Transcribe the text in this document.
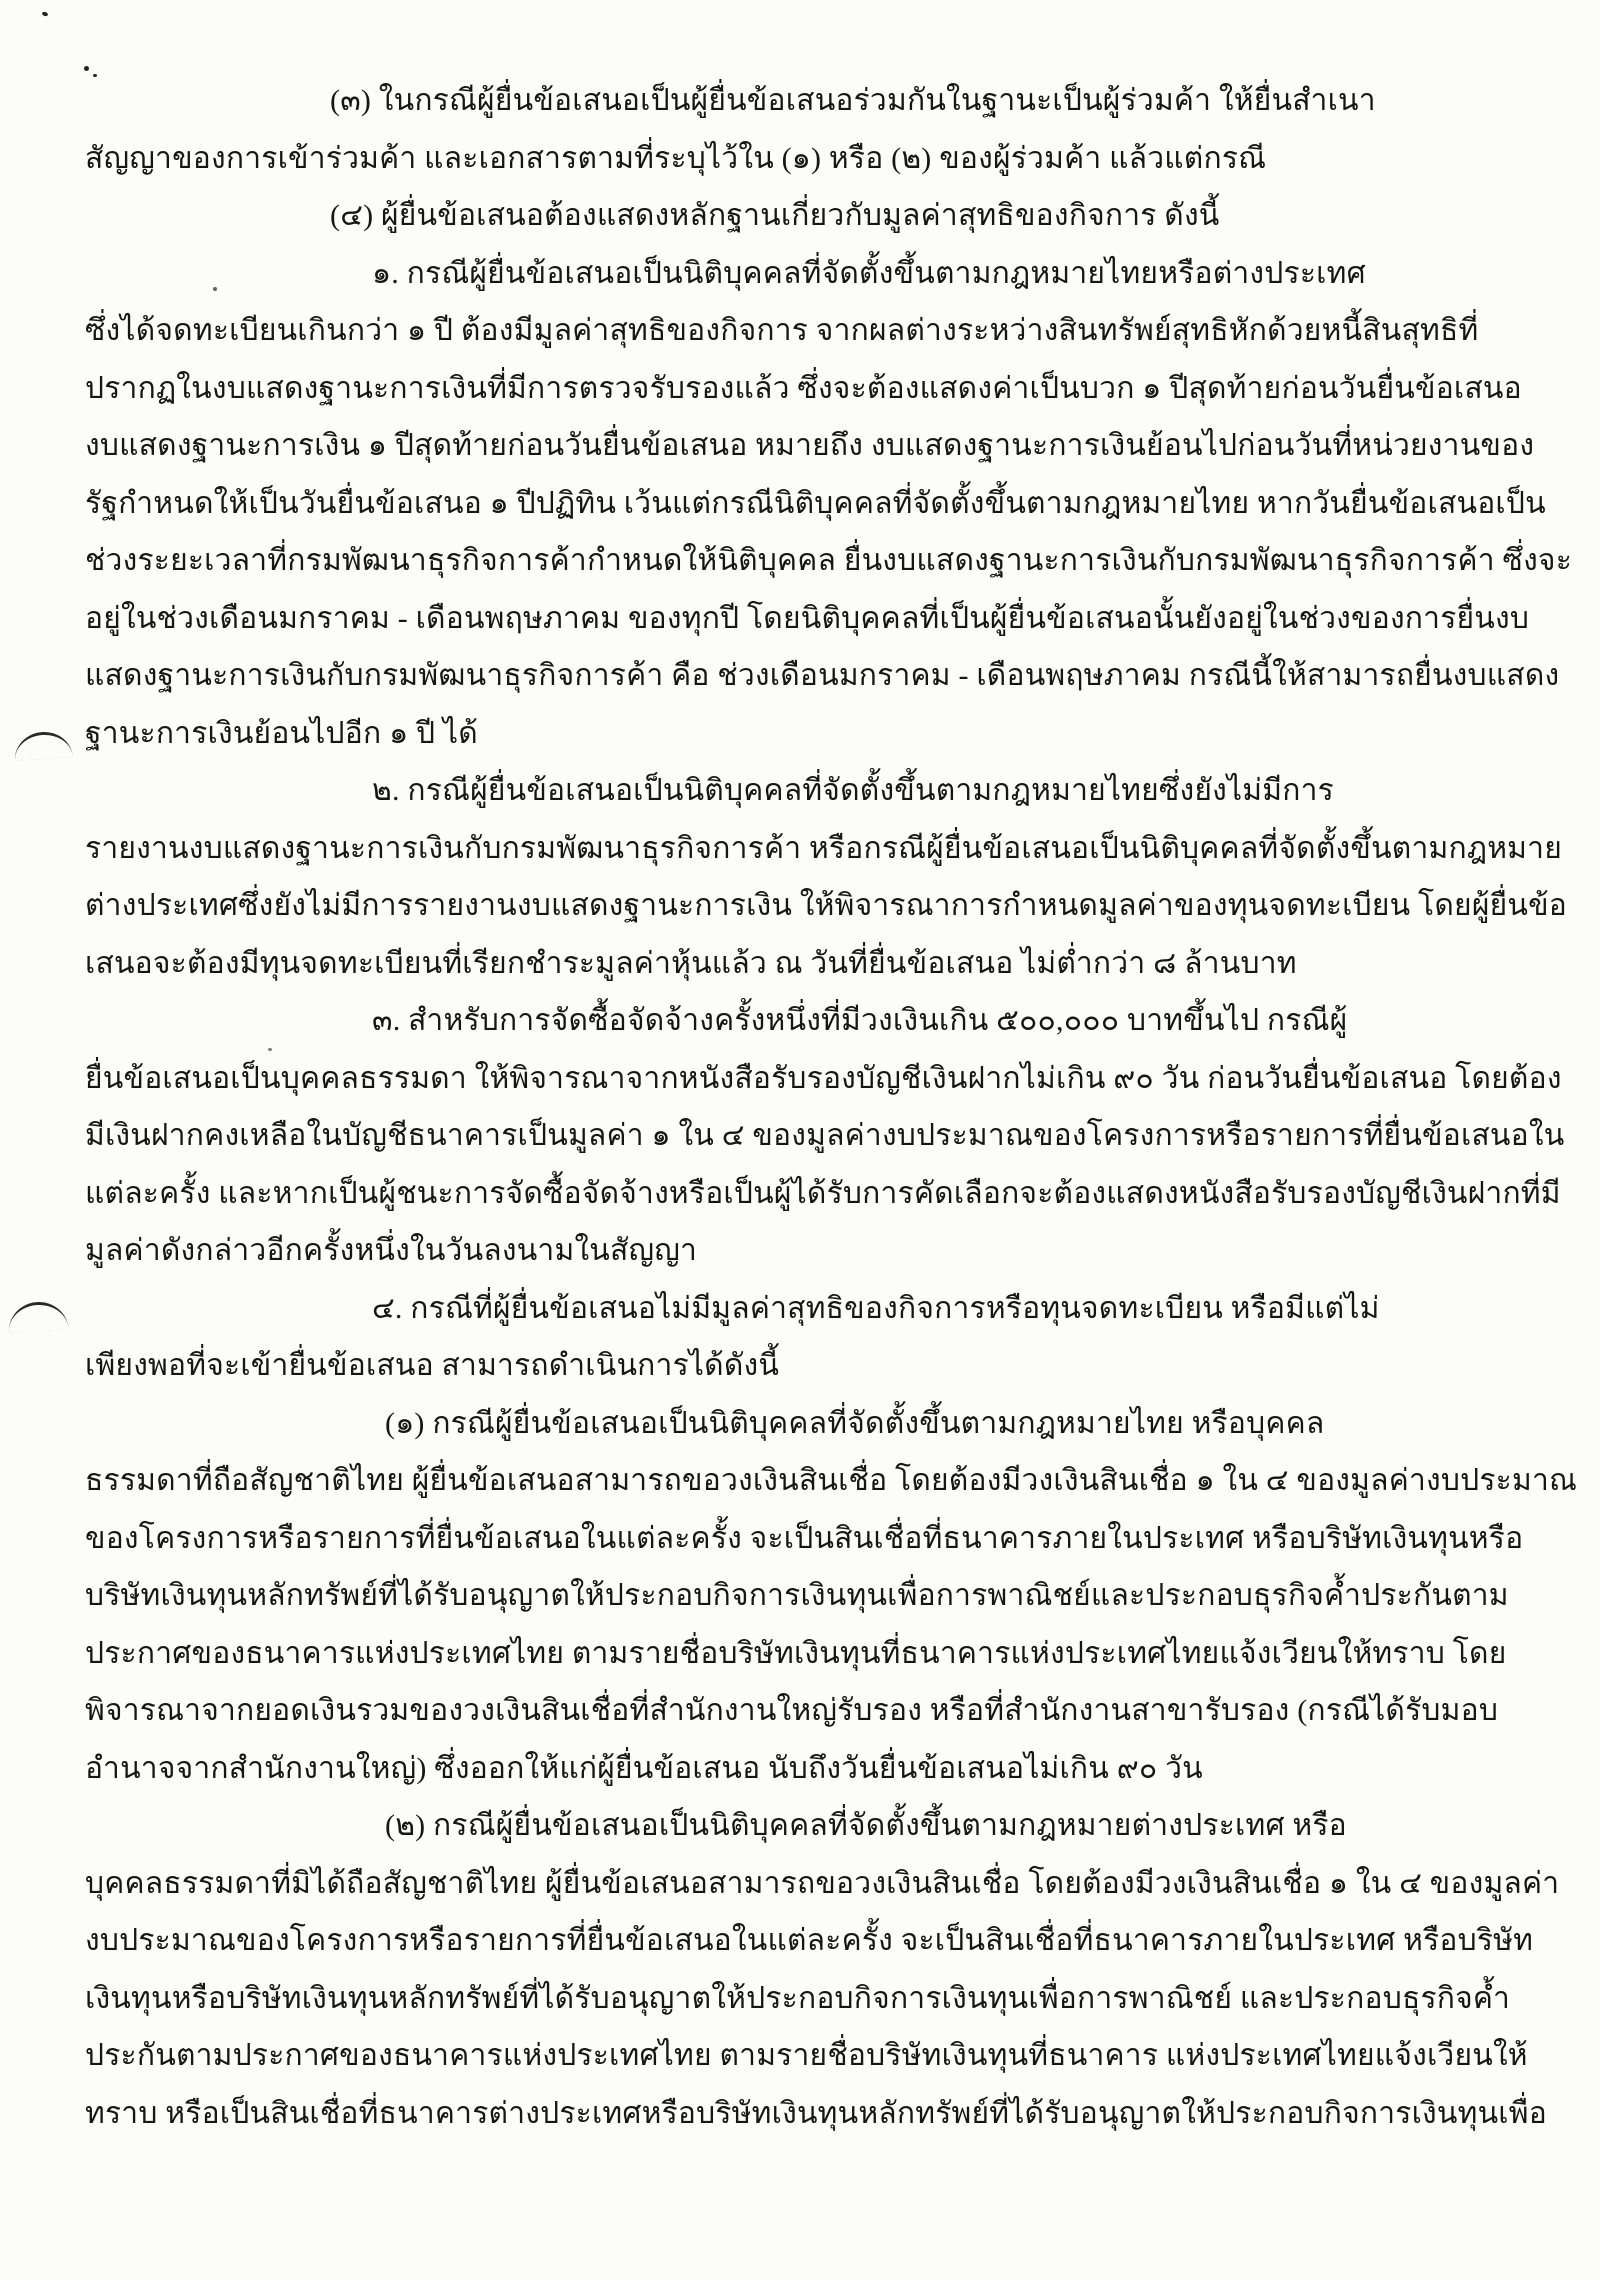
(๓) ในกรณีผู้ยื่นข้อเสนอเป็นผู้ยื่นข้อเสนอร่วมกันในฐานะเป็นผู้ร่วมค้า ให้ยื่นสำเนา
สัญญาของการเข้าร่วมค้า และเอกสารตามที่ระบุไว้ใน (๑) หรือ (๒) ของผู้ร่วมค้า แล้วแต่กรณี
(๔) ผู้ยื่นข้อเสนอต้องแสดงหลักฐานเกี่ยวกับมูลค่าสุทธิของกิจการ ดังนี้
๑. กรณีผู้ยื่นข้อเสนอเป็นนิติบุคคลที่จัดตั้งขึ้นตามกฎหมายไทยหรือต่างประเทศ
ซึ่งได้จดทะเบียนเกินกว่า ๑ ปี ต้องมีมูลค่าสุทธิของกิจการ จากผลต่างระหว่างสินทรัพย์สุทธิหักด้วยหนี้สินสุทธิที่
ปรากฏในงบแสดงฐานะการเงินที่มีการตรวจรับรองแล้ว ซึ่งจะต้องแสดงค่าเป็นบวก ๑ ปีสุดท้ายก่อนวันยื่นข้อเสนอ
งบแสดงฐานะการเงิน ๑ ปีสุดท้ายก่อนวันยื่นข้อเสนอ หมายถึง งบแสดงฐานะการเงินย้อนไปก่อนวันที่หน่วยงานของ
รัฐกำหนดให้เป็นวันยื่นข้อเสนอ ๑ ปีปฏิทิน เว้นแต่กรณีนิติบุคคลที่จัดตั้งขึ้นตามกฎหมายไทย หากวันยื่นข้อเสนอเป็น
ช่วงระยะเวลาที่กรมพัฒนาธุรกิจการค้ากำหนดให้นิติบุคคล ยื่นงบแสดงฐานะการเงินกับกรมพัฒนาธุรกิจการค้า ซึ่งจะ
อยู่ในช่วงเดือนมกราคม - เดือนพฤษภาคม ของทุกปี โดยนิติบุคคลที่เป็นผู้ยื่นข้อเสนอนั้นยังอยู่ในช่วงของการยื่นงบ
แสดงฐานะการเงินกับกรมพัฒนาธุรกิจการค้า คือ ช่วงเดือนมกราคม - เดือนพฤษภาคม กรณีนี้ให้สามารถยื่นงบแสดง
ฐานะการเงินย้อนไปอีก ๑ ปี ได้
๒. กรณีผู้ยื่นข้อเสนอเป็นนิติบุคคลที่จัดตั้งขึ้นตามกฎหมายไทยซึ่งยังไม่มีการ
รายงานงบแสดงฐานะการเงินกับกรมพัฒนาธุรกิจการค้า หรือกรณีผู้ยื่นข้อเสนอเป็นนิติบุคคลที่จัดตั้งขึ้นตามกฎหมาย
ต่างประเทศซึ่งยังไม่มีการรายงานงบแสดงฐานะการเงิน ให้พิจารณาการกำหนดมูลค่าของทุนจดทะเบียน โดยผู้ยื่นข้อ
เสนอจะต้องมีทุนจดทะเบียนที่เรียกชำระมูลค่าหุ้นแล้ว ณ วันที่ยื่นข้อเสนอ ไม่ต่ำกว่า ๘ ล้านบาท
๓. สำหรับการจัดซื้อจัดจ้างครั้งหนึ่งที่มีวงเงินเกิน ๕๐๐,๐๐๐ บาทขึ้นไป กรณีผู้
ยื่นข้อเสนอเป็นบุคคลธรรมดา ให้พิจารณาจากหนังสือรับรองบัญชีเงินฝากไม่เกิน ๙๐ วัน ก่อนวันยื่นข้อเสนอ โดยต้อง
มีเงินฝากคงเหลือในบัญชีธนาคารเป็นมูลค่า ๑ ใน ๔ ของมูลค่างบประมาณของโครงการหรือรายการที่ยื่นข้อเสนอใน
แต่ละครั้ง และหากเป็นผู้ชนะการจัดซื้อจัดจ้างหรือเป็นผู้ได้รับการคัดเลือกจะต้องแสดงหนังสือรับรองบัญชีเงินฝากที่มี
มูลค่าดังกล่าวอีกครั้งหนึ่งในวันลงนามในสัญญา
๔. กรณีที่ผู้ยื่นข้อเสนอไม่มีมูลค่าสุทธิของกิจการหรือทุนจดทะเบียน หรือมีแต่ไม่
เพียงพอที่จะเข้ายื่นข้อเสนอ สามารถดำเนินการได้ดังนี้
(๑) กรณีผู้ยื่นข้อเสนอเป็นนิติบุคคลที่จัดตั้งขึ้นตามกฎหมายไทย หรือบุคคล
ธรรมดาที่ถือสัญชาติไทย ผู้ยื่นข้อเสนอสามารถขอวงเงินสินเชื่อ โดยต้องมีวงเงินสินเชื่อ ๑ ใน ๔ ของมูลค่างบประมาณ
ของโครงการหรือรายการที่ยื่นข้อเสนอในแต่ละครั้ง จะเป็นสินเชื่อที่ธนาคารภายในประเทศ หรือบริษัทเงินทุนหรือ
บริษัทเงินทุนหลักทรัพย์ที่ได้รับอนุญาตให้ประกอบกิจการเงินทุนเพื่อการพาณิชย์และประกอบธุรกิจค้ำประกันตาม
ประกาศของธนาคารแห่งประเทศไทย ตามรายชื่อบริษัทเงินทุนที่ธนาคารแห่งประเทศไทยแจ้งเวียนให้ทราบ โดย
พิจารณาจากยอดเงินรวมของวงเงินสินเชื่อที่สำนักงานใหญ่รับรอง หรือที่สำนักงานสาขารับรอง (กรณีได้รับมอบ
อำนาจจากสำนักงานใหญ่) ซึ่งออกให้แก่ผู้ยื่นข้อเสนอ นับถึงวันยื่นข้อเสนอไม่เกิน ๙๐ วัน
(๒) กรณีผู้ยื่นข้อเสนอเป็นนิติบุคคลที่จัดตั้งขึ้นตามกฎหมายต่างประเทศ หรือ
บุคคลธรรมดาที่มิได้ถือสัญชาติไทย ผู้ยื่นข้อเสนอสามารถขอวงเงินสินเชื่อ โดยต้องมีวงเงินสินเชื่อ ๑ ใน ๔ ของมูลค่า
งบประมาณของโครงการหรือรายการที่ยื่นข้อเสนอในแต่ละครั้ง จะเป็นสินเชื่อที่ธนาคารภายในประเทศ หรือบริษัท
เงินทุนหรือบริษัทเงินทุนหลักทรัพย์ที่ได้รับอนุญาตให้ประกอบกิจการเงินทุนเพื่อการพาณิชย์ และประกอบธุรกิจค้ำ
ประกันตามประกาศของธนาคารแห่งประเทศไทย ตามรายชื่อบริษัทเงินทุนที่ธนาคาร แห่งประเทศไทยแจ้งเวียนให้
ทราบ หรือเป็นสินเชื่อที่ธนาคารต่างประเทศหรือบริษัทเงินทุนหลักทรัพย์ที่ได้รับอนุญาตให้ประกอบกิจการเงินทุนเพื่อ
